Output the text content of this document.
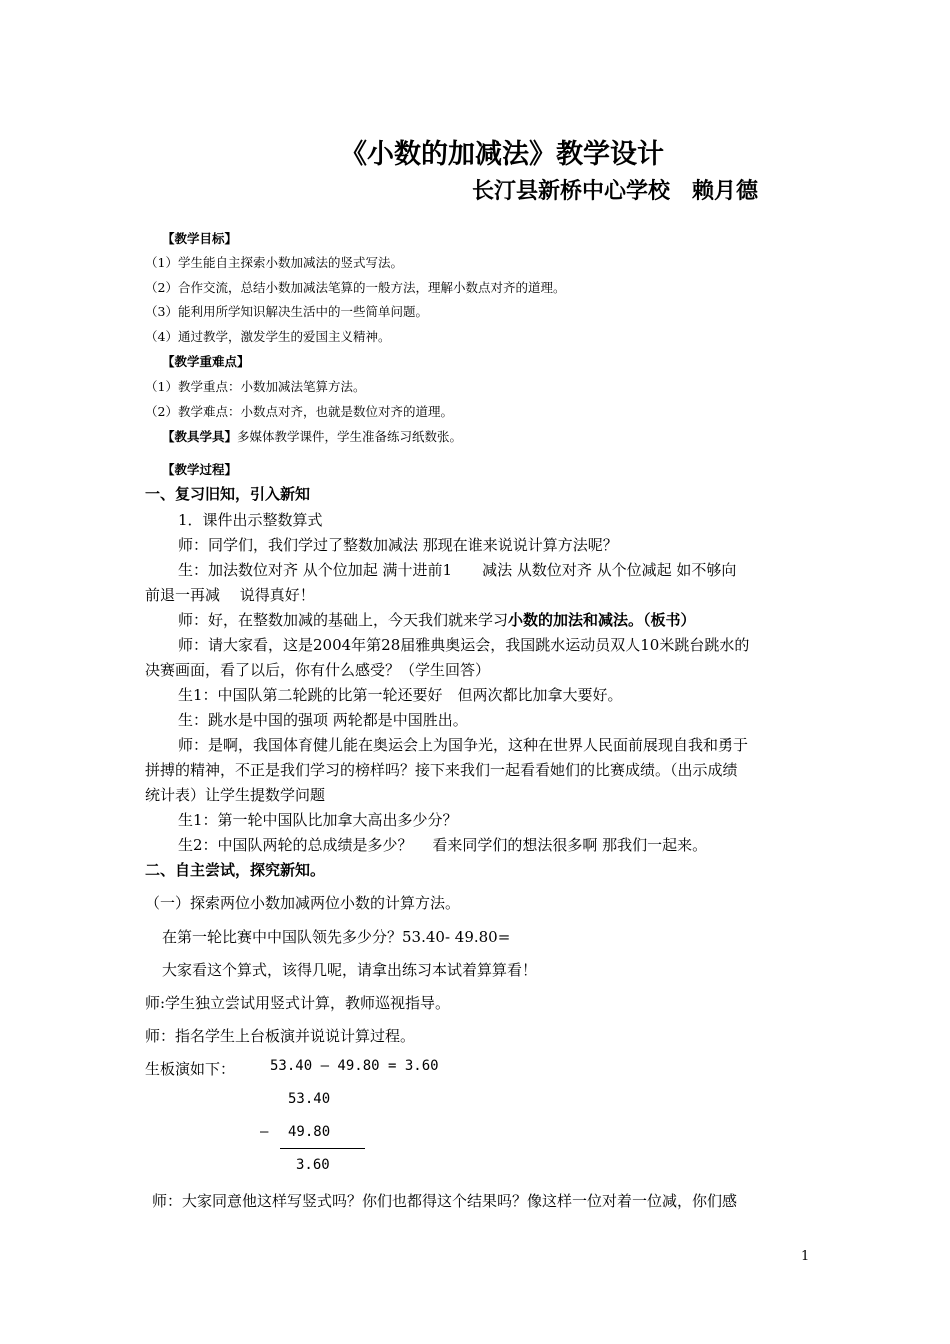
《小数的加减法》教学设计
长汀县新桥中心学校　赖月德
【教学目标】
（1）学生能自主探索小数加减法的竖式写法。
（2）合作交流，总结小数加减法笔算的一般方法，理解小数点对齐的道理。
（3）能利用所学知识解决生活中的一些简单问题。
（4）通过教学，激发学生的爱国主义精神。
【教学重难点】
（1）教学重点：小数加减法笔算方法。
（2）教学难点：小数点对齐，也就是数位对齐的道理。
【教具学具】多媒体教学课件，学生准备练习纸数张。
【教学过程】
一、复习旧知，引入新知
1．课件出示整数算式
师：同学们，我们学过了整数加减法 那现在谁来说说计算方法呢？
生：加法数位对齐 从个位加起 满十进前1　　减法 从数位对齐 从个位减起 如不够向
前退一再减　 说得真好！
师：好，在整数加减的基础上，今天我们就来学习小数的加法和减法。（板书）
师：请大家看，这是2004年第28届雅典奥运会，我国跳水运动员双人10米跳台跳水的
决赛画面，看了以后，你有什么感受？（学生回答）
生1：中国队第二轮跳的比第一轮还要好　但两次都比加拿大要好。
生：跳水是中国的强项 两轮都是中国胜出。
师：是啊，我国体育健儿能在奥运会上为国争光，这种在世界人民面前展现自我和勇于
拼搏的精神，不正是我们学习的榜样吗？接下来我们一起看看她们的比赛成绩。（出示成绩
统计表）让学生提数学问题
生1：第一轮中国队比加拿大高出多少分？
生2：中国队两轮的总成绩是多少？　 看来同学们的想法很多啊 那我们一起来。
二、自主尝试，探究新知。
（一）探索两位小数加减两位小数的计算方法。
在第一轮比赛中中国队领先多少分？53.40- 49.80=
大家看这个算式，该得几呢，请拿出练习本试着算算看！
师:学生独立尝试用竖式计算，教师巡视指导。
师：指名学生上台板演并说说计算过程。
生板演如下： 53.40 – 49.80 = 3.60
53.40
– 49.80
3.60
师：大家同意他这样写竖式吗？你们也都得这个结果吗？像这样一位对着一位减，你们感
1
